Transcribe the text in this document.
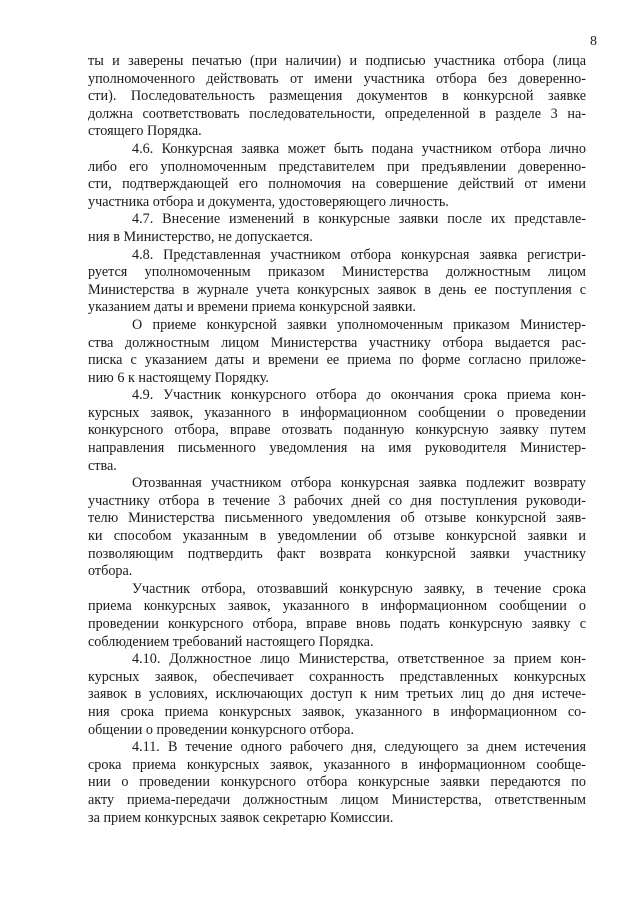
8
ты и заверены печатью (при наличии) и подписью участника отбора (лица
уполномоченного действовать от имени участника отбора без доверенно-
сти). Последовательность размещения документов в конкурсной заявке
должна соответствовать последовательности, определенной в разделе 3 на-
стоящего Порядка.
4.6. Конкурсная заявка может быть подана участником отбора лично
либо его уполномоченным представителем при предъявлении доверенно-
сти, подтверждающей его полномочия на совершение действий от имени
участника отбора и документа, удостоверяющего личность.
4.7. Внесение изменений в конкурсные заявки после их представле-
ния в Министерство, не допускается.
4.8. Представленная участником отбора конкурсная заявка регистри-
руется уполномоченным приказом Министерства должностным лицом
Министерства в журнале учета конкурсных заявок в день ее поступления с
указанием даты и времени приема конкурсной заявки.
О приеме конкурсной заявки уполномоченным приказом Министер-
ства должностным лицом Министерства участнику отбора выдается рас-
писка с указанием даты и времени ее приема по форме согласно приложе-
нию 6 к настоящему Порядку.
4.9. Участник конкурсного отбора до окончания срока приема кон-
курсных заявок, указанного в информационном сообщении о проведении
конкурсного отбора, вправе отозвать поданную конкурсную заявку путем
направления письменного уведомления на имя руководителя Министер-
ства.
Отозванная участником отбора конкурсная заявка подлежит возврату
участнику отбора в течение 3 рабочих дней со дня поступления руководи-
телю Министерства письменного уведомления об отзыве конкурсной заяв-
ки способом указанным в уведомлении об отзыве конкурсной заявки и
позволяющим подтвердить факт возврата конкурсной заявки участнику
отбора.
Участник отбора, отозвавший конкурсную заявку, в течение срока
приема конкурсных заявок, указанного в информационном сообщении о
проведении конкурсного отбора, вправе вновь подать конкурсную заявку с
соблюдением требований настоящего Порядка.
4.10. Должностное лицо Министерства, ответственное за прием кон-
курсных заявок, обеспечивает сохранность представленных конкурсных
заявок в условиях, исключающих доступ к ним третьих лиц до дня истече-
ния срока приема конкурсных заявок, указанного в информационном со-
общении о проведении конкурсного отбора.
4.11. В течение одного рабочего дня, следующего за днем истечения
срока приема конкурсных заявок, указанного в информационном сообще-
нии о проведении конкурсного отбора конкурсные заявки передаются по
акту приема-передачи должностным лицом Министерства, ответственным
за прием конкурсных заявок секретарю Комиссии.
